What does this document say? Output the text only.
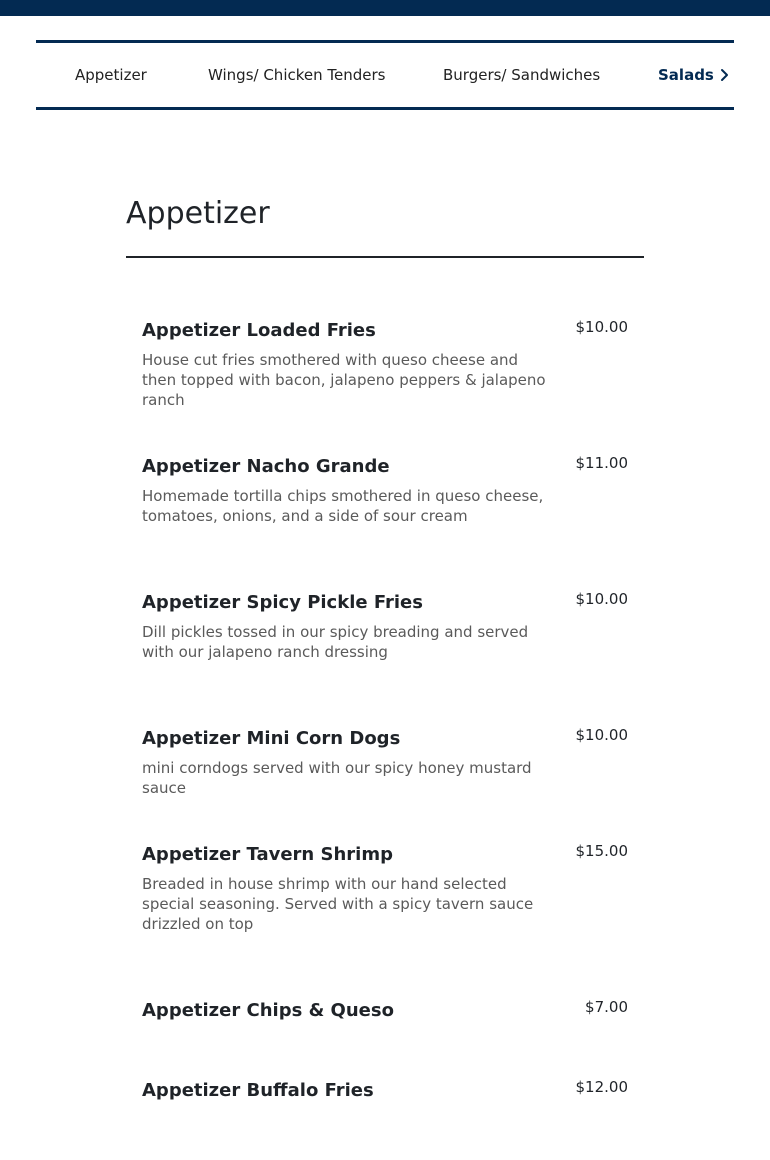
Appetizer	Wings/ Chicken Tenders	Burgers/ Sandwiches	Salads
Appetizer
Appetizer Loaded Fries
House cut fries smothered with queso cheese and then topped with bacon, jalapeno peppers & jalapeno ranch
$10.00
Appetizer Nacho Grande
Homemade tortilla chips smothered in queso cheese, tomatoes, onions, and a side of sour cream
$11.00
Appetizer Spicy Pickle Fries
Dill pickles tossed in our spicy breading and served with our jalapeno ranch dressing
$10.00
Appetizer Mini Corn Dogs
mini corndogs served with our spicy honey mustard sauce
$10.00
Appetizer Tavern Shrimp
Breaded in house shrimp with our hand selected special seasoning. Served with a spicy tavern sauce drizzled on top
$15.00
Appetizer Chips & Queso	$7.00
Appetizer Buffalo Fries	$12.00
